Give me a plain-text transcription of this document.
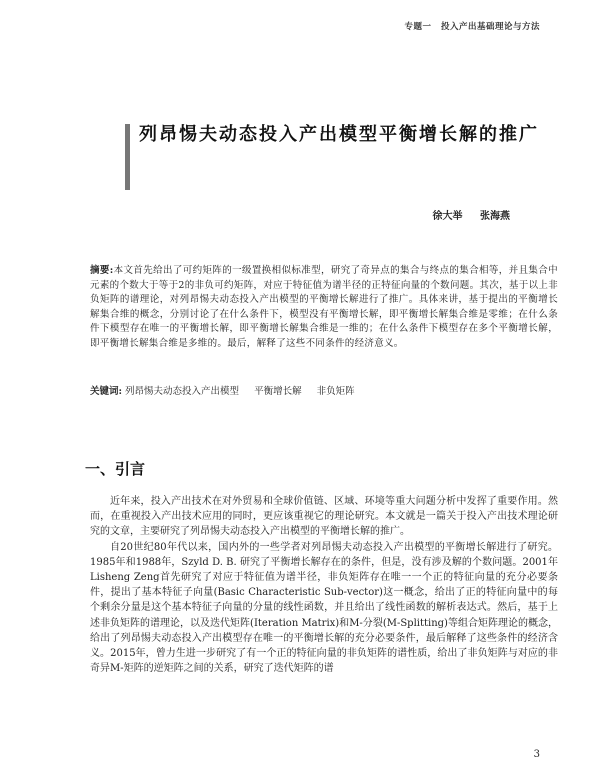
专题一 投入产出基础理论与方法
列昂惕夫动态投入产出模型平衡增长解的推广
徐大举 张海燕
摘要:本文首先给出了可约矩阵的一级置换相似标准型，研究了奇异点的集合与终点的集合相等，并且集合中元素的个数大于等于2的非负可约矩阵，对应于特征值为谱半径的正特征向量的个数问题。其次，基于以上非负矩阵的谱理论，对列昂惕夫动态投入产出模型的平衡增长解进行了推广。具体来讲，基于提出的平衡增长解集合维的概念，分别讨论了在什么条件下，模型没有平衡增长解，即平衡增长解集合维是零维；在什么条件下模型存在唯一的平衡增长解，即平衡增长解集合维是一维的；在什么条件下模型存在多个平衡增长解，即平衡增长解集合维是多维的。最后，解释了这些不同条件的经济意义。
关键词: 列昂惕夫动态投入产出模型 平衡增长解 非负矩阵
一、引言

近年来，投入产出技术在对外贸易和全球价值链、区域、环境等重大问题分析中发挥了重要作用。然而，在重视投入产出技术应用的同时，更应该重视它的理论研究。本文就是一篇关于投入产出技术理论研究的文章，主要研究了列昂惕夫动态投入产出模型的平衡增长解的推广。

自20世纪80年代以来，国内外的一些学者对列昂惕夫动态投入产出模型的平衡增长解进行了研究。1985年和1988年，Szyld D. B. 研究了平衡增长解存在的条件，但是，没有涉及解的个数问题。2001年Lisheng Zeng首先研究了对应于特征值为谱半径，非负矩阵存在唯一一个正的特征向量的充分必要条件，提出了基本特征子向量(Basic Characteristic Sub-vector)这一概念，给出了正的特征向量中的每个剩余分量是这个基本特征子向量的分量的线性函数，并且给出了线性函数的解析表达式。然后，基于上述非负矩阵的谱理论，以及迭代矩阵(Iteration Matrix)和M-分裂(M-Splitting)等组合矩阵理论的概念，给出了列昂惕夫动态投入产出模型存在唯一的平衡增长解的充分必要条件，最后解释了这些条件的经济含义。2015年，曾力生进一步研究了有一个正的特征向量的非负矩阵的谱性质，给出了非负矩阵与对应的非奇异M-矩阵的逆矩阵之间的关系，研究了迭代矩阵的谱

3
